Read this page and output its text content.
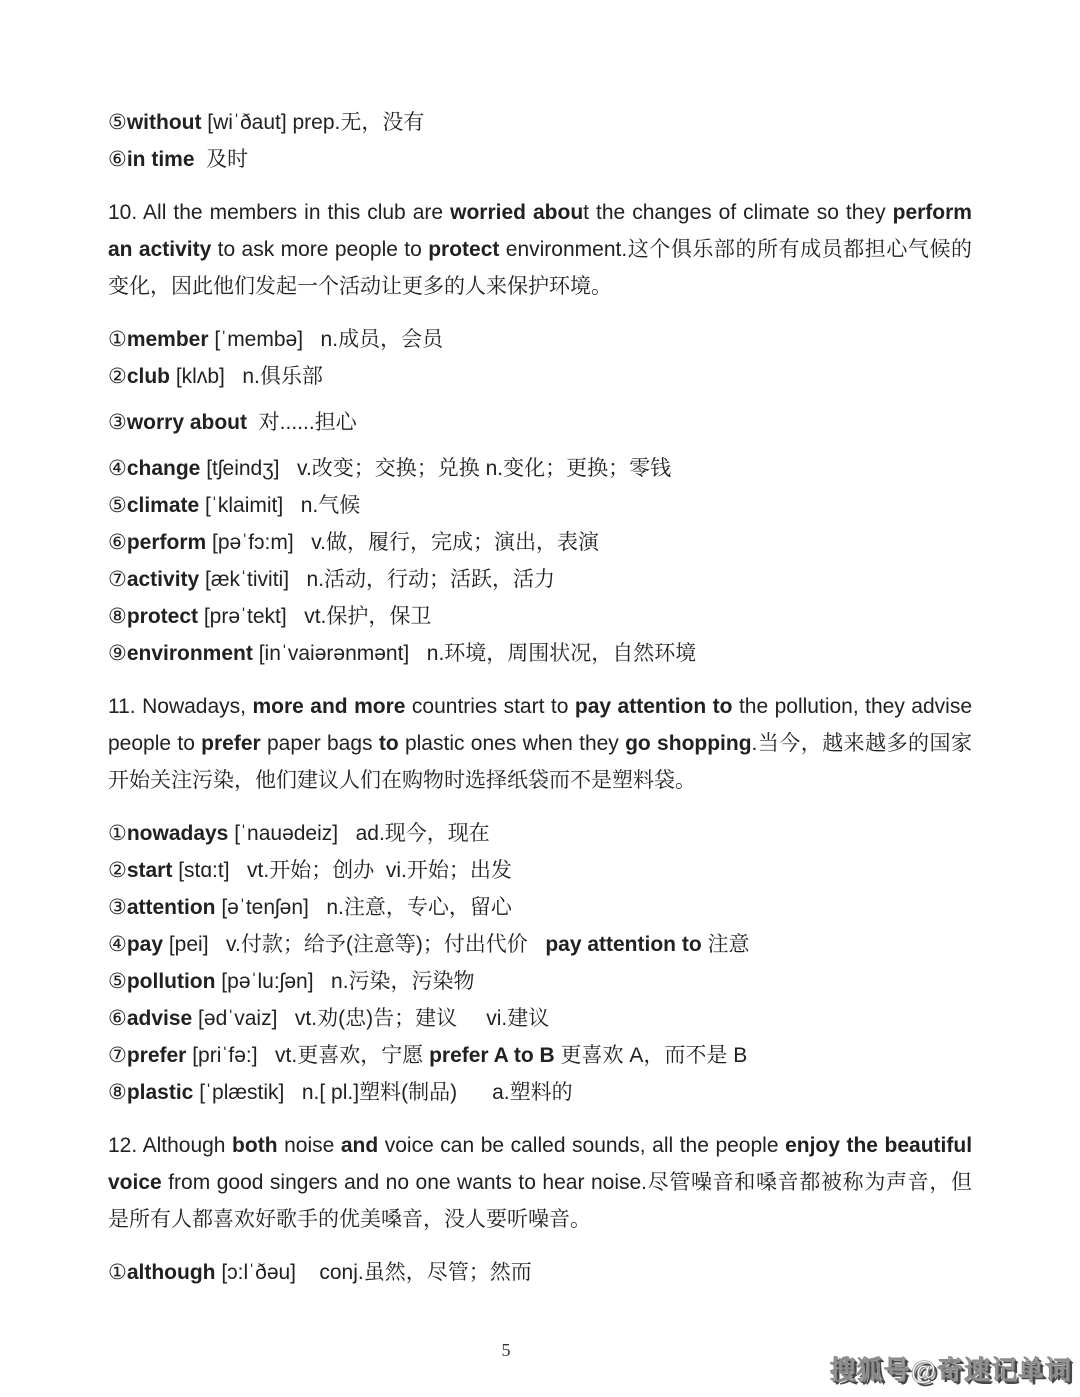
⑤without [wiˈðaut] prep.无，没有
⑥in time  及时
10. All the members in this club are worried about the changes of climate so they perform an activity to ask more people to protect environment.这个俱乐部的所有成员都担心气候的变化，因此他们发起一个活动让更多的人来保护环境。
①member [ˈmembə]   n.成员，会员
②club [klʌb]   n.俱乐部
③worry about  对......担心
④change [tʃeindʒ]   v.改变；交换；兑换 n.变化；更换；零钱
⑤climate [ˈklaimit]   n.气候
⑥perform [pəˈfɔ:m]   v.做，履行，完成；演出，表演
⑦activity [ækˈtiviti]   n.活动，行动；活跃，活力
⑧protect [prəˈtekt]   vt.保护，保卫
⑨environment [inˈvaiərənmənt]   n.环境，周围状况，自然环境
11. Nowadays, more and more countries start to pay attention to the pollution, they advise people to prefer paper bags to plastic ones when they go shopping.当今，越来越多的国家开始关注污染，他们建议人们在购物时选择纸袋而不是塑料袋。
①nowadays [ˈnauədeiz]   ad.现今，现在
②start [stɑ:t]   vt.开始；创办  vi.开始；出发
③attention [əˈtenʃən]   n.注意，专心，留心
④pay [pei]   v.付款；给予(注意等)；付出代价   pay attention to 注意
⑤pollution [pəˈlu:ʃən]   n.污染，污染物
⑥advise [ədˈvaiz]   vt.劝(忠)告；建议     vi.建议
⑦prefer [priˈfə:]   vt.更喜欢，宁愿 prefer A to B 更喜欢 A，而不是 B
⑧plastic [ˈplæstik]   n.[ pl.]塑料(制品)      a.塑料的
12. Although both noise and voice can be called sounds, all the people enjoy the beautiful voice from good singers and no one wants to hear noise.尽管噪音和嗓音都被称为声音，但是所有人都喜欢好歌手的优美嗓音，没人要听噪音。
①although [ɔ:lˈðəu]    conj.虽然，尽管；然而
5
搜狐号@奇速记单词
